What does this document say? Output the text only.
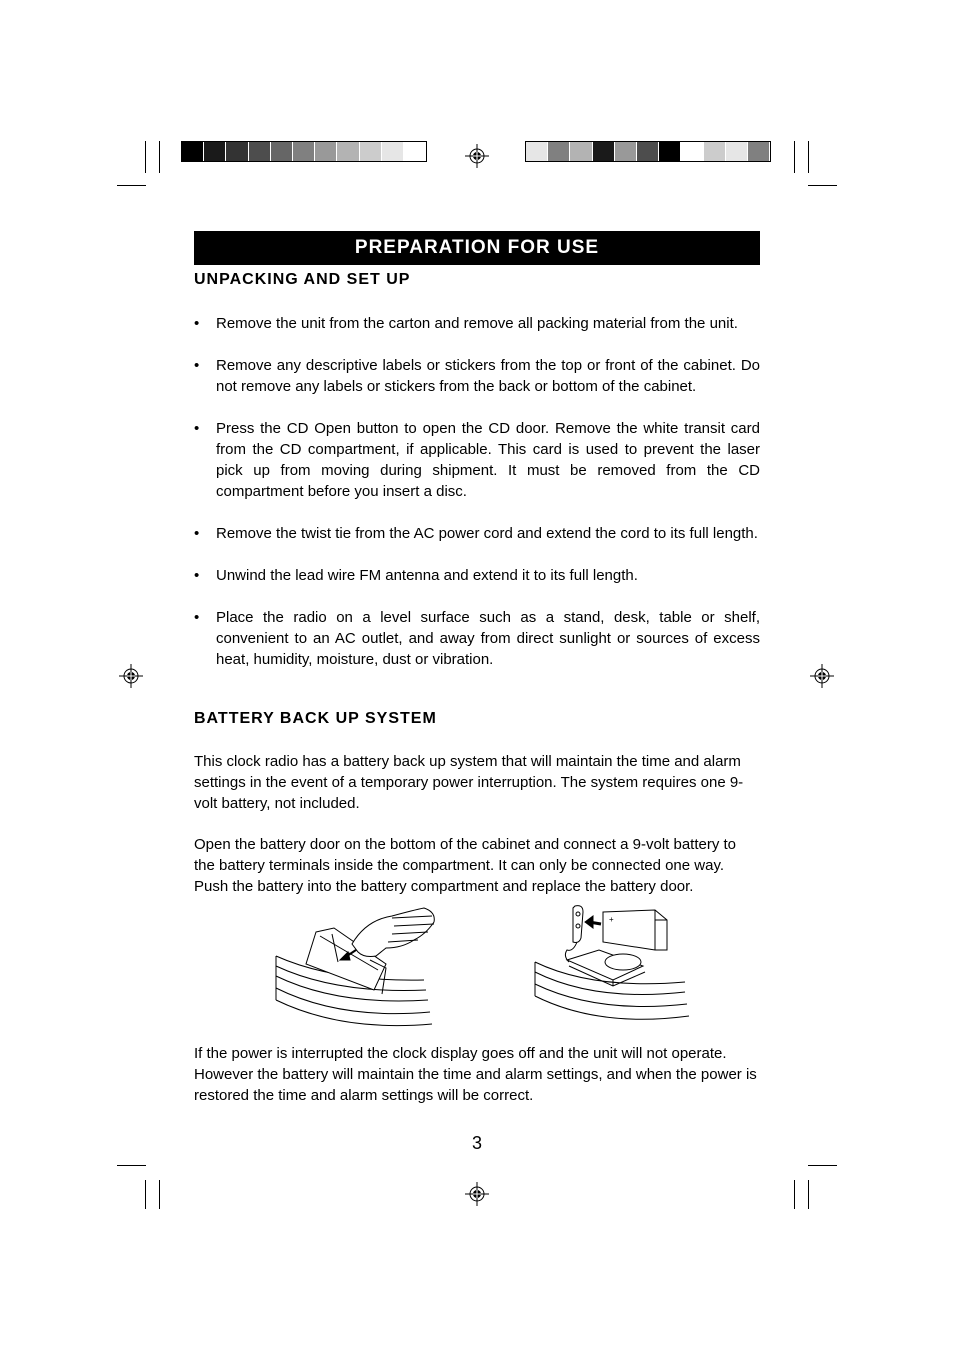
PREPARATION FOR USE
UNPACKING AND SET UP
• Remove the unit from the carton and remove all packing material from the unit.
• Remove any descriptive labels or stickers from the top or front of the cabinet. Do not remove any labels or stickers from the back or bottom of the cabinet.
• Press the CD Open button to open the CD door. Remove the white transit card from the CD compartment, if applicable. This card is used to prevent the laser pick up from moving during shipment. It must be removed from the CD compartment before you insert a disc.
• Remove the twist tie from the AC power cord and extend the cord to its full length.
• Unwind the lead wire FM antenna and extend it to its full length.
• Place the radio on a level surface such as a stand, desk, table or shelf, convenient to an AC outlet, and away from direct sunlight or sources of excess heat, humidity, moisture, dust or vibration.
BATTERY BACK UP SYSTEM

This clock radio has a battery back up system that will maintain the time and alarm settings in the event of a temporary power interruption. The system requires one 9-volt battery, not included.

Open the battery door on the bottom of the cabinet and connect a 9-volt battery to the battery terminals inside the compartment. It can only be connected one way. Push the battery into the battery compartment and replace the battery door.

+

If the power is interrupted the clock display goes off and the unit will not operate. However the battery will maintain the time and alarm settings, and when the power is restored the time and alarm settings will be correct.

3
